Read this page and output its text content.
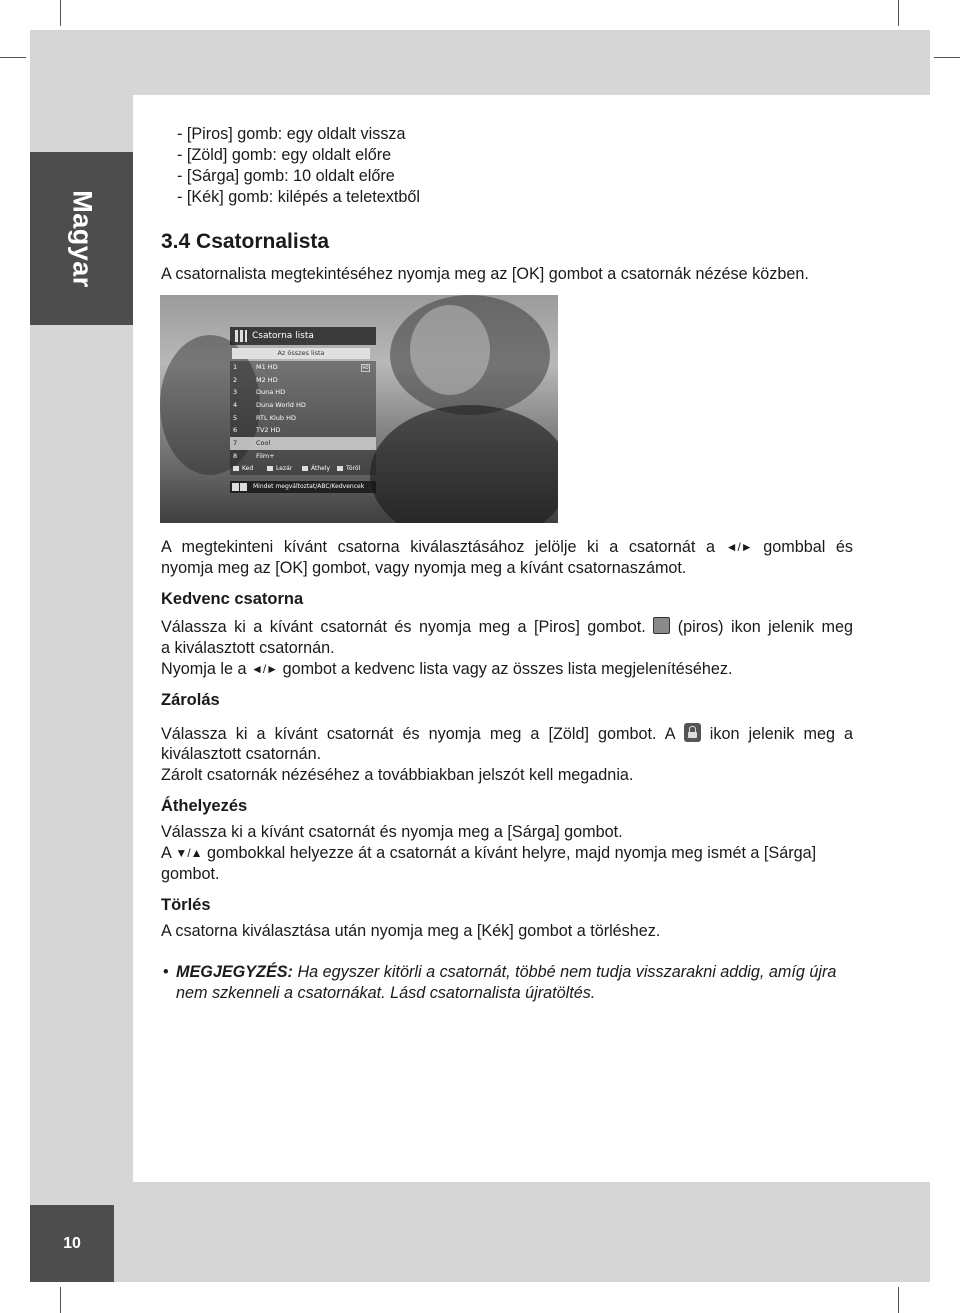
Magyar
10
- [Piros] gomb: egy oldalt vissza
- [Zöld] gomb: egy oldalt előre
- [Sárga] gomb: 10 oldalt előre
- [Kék] gomb: kilépés a teletextből
3.4 Csatornalista
A csatornalista megtekintéséhez nyomja meg az [OK] gombot a csatornák nézése közben.
Csatorna lista
Az összes lista
1	M1 HD	HD
2	M2 HD
3	Duna HD
4	Duna World HD
5	RTL Klub HD
6	TV2 HD
7	Cool
8	Film+
Ked	Lezár	Áthely	Töröl
Mindet megváltoztat/ABC/Kedvencek
A megtekinteni kívánt csatorna kiválasztásához jelölje ki a csatornát a ◄/► gombbal és
nyomja meg az [OK] gombot, vagy nyomja meg a kívánt csatornaszámot.
Kedvenc csatorna
Válassza ki a kívánt csatornát és nyomja meg a [Piros] gombot. (piros) ikon jelenik meg
a kiválasztott csatornán.
Nyomja le a ◄/► gombot a kedvenc lista vagy az összes lista megjelenítéséhez.
Zárolás
Válassza ki a kívánt csatornát és nyomja meg a [Zöld] gombot. A ikon jelenik meg a
kiválasztott csatornán.
Zárolt csatornák nézéséhez a továbbiakban jelszót kell megadnia.
Áthelyezés
Válassza ki a kívánt csatornát és nyomja meg a [Sárga] gombot.
A ▼/▲ gombokkal helyezze át a csatornát a kívánt helyre, majd nyomja meg ismét a [Sárga]
gombot.
Törlés
A csatorna kiválasztása után nyomja meg a [Kék] gombot a törléshez.
• MEGJEGYZÉS: Ha egyszer kitörli a csatornát, többé nem tudja visszarakni addig, amíg újra
nem szkenneli a csatornákat. Lásd csatornalista újratöltés.
